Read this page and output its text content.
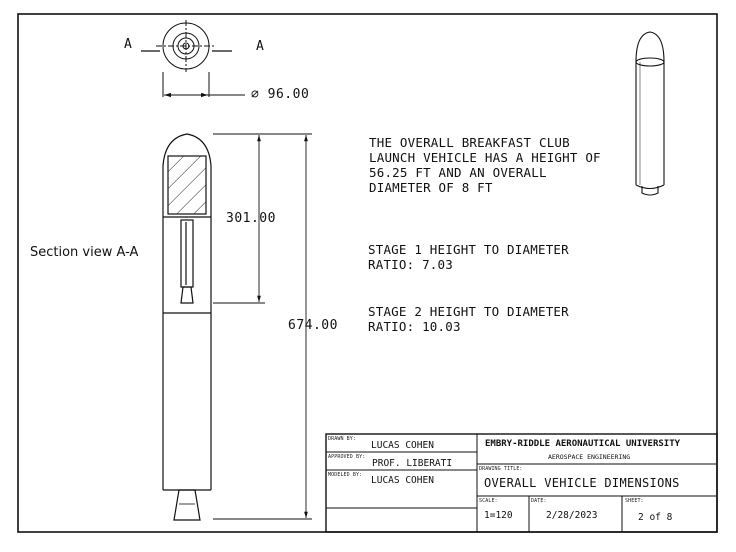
A	A
∅ 96.00
301.00
674.00
Section view A-A
THE OVERALL BREAKFAST CLUB
LAUNCH VEHICLE HAS A HEIGHT OF
56.25 FT AND AN OVERALL
DIAMETER OF 8 FT
STAGE 1 HEIGHT TO DIAMETER
RATIO: 7.03
STAGE 2 HEIGHT TO DIAMETER
RATIO: 10.03
DRAWN BY:
LUCAS COHEN
APPROVED BY:
PROF. LIBERATI
MODELED BY: LUCAS COHEN
EMBRY-RIDDLE AERONAUTICAL UNIVERSITY
AEROSPACE ENGINEERING
DRAWING TITLE:
OVERALL VEHICLE DIMENSIONS
SCALE:
1=120
DATE:
2/28/2023
SHEET:
2 of 8
